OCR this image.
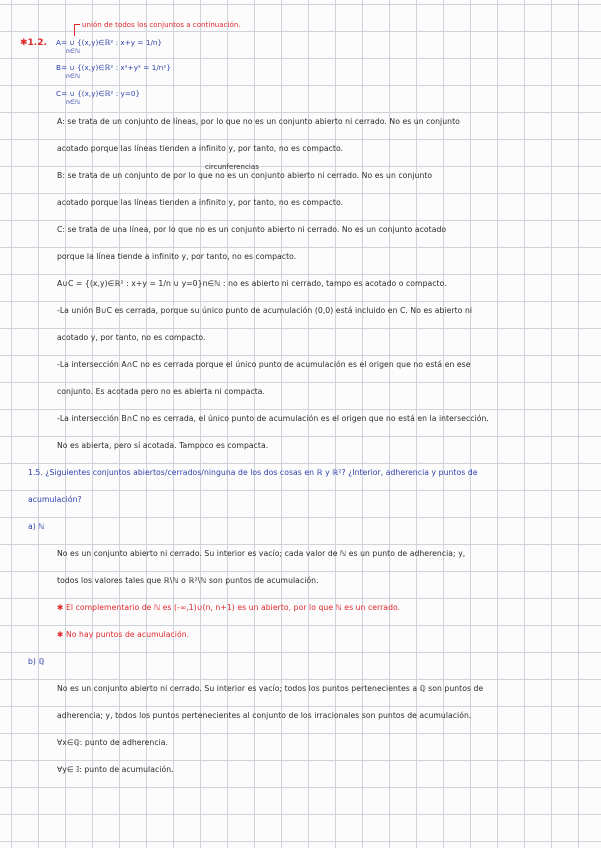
unión de todos los conjuntos a continuación.
✱1.2. A= ∪ {(x,y)∈ℝ² : x+y = 1/n}
n∈ℕ
B= ∪ {(x,y)∈ℝ² : x²+y² = 1/n²}
n∈ℕ
C= ∪ {(x,y)∈ℝ² : y=0}
n∈ℕ
A: se trata de un conjunto de líneas, por lo que no es un conjunto abierto ni cerrado. No es un conjunto
acotado porque las líneas tienden a infinito y, por tanto, no es compacto.
circunferencias
B: se trata de un conjunto de por lo que no es un conjunto abierto ni cerrado. No es un conjunto
acotado porque las líneas tienden a infinito y, por tanto, no es compacto.
C: se trata de una línea, por lo que no es un conjunto abierto ni cerrado. No es un conjunto acotado
porque la línea tiende a infinito y, por tanto, no es compacto.
A∪C = {(x,y)∈ℝ² : x+y = 1/n ∪ y=0}n∈ℕ : no es abierto ni cerrado, tampo es acotado o compacto.
-La unión B∪C es cerrada, porque su único punto de acumulación (0,0) está incluido en C. No es abierto ni
acotado y, por tanto, no es compacto.
-La intersección A∩C no es cerrada porque el único punto de acumulación es el origen que no está en ese
conjunto. Es acotada pero no es abierta ni compacta.
-La intersección B∩C no es cerrada, el único punto de acumulación es el origen que no está en la intersección.
No es abierta, pero sí acotada. Tampoco es compacta.
1.5. ¿Siguientes conjuntos abiertos/cerrados/ninguna de los dos cosas en ℝ y ℝ²? ¿Interior, adherencia y puntos de
acumulación?
a) ℕ
No es un conjunto abierto ni cerrado. Su interior es vacío; cada valor de ℕ es un punto de adherencia; y,
todos los valores tales que ℝ\ℕ o ℝ²\ℕ son puntos de acumulación.
✱ El complementario de ℕ es (-∞,1)∪(n, n+1) es un abierto, por lo que ℕ es un cerrado.
✱ No hay puntos de acumulación.
b) ℚ
No es un conjunto abierto ni cerrado. Su interior es vacío; todos los puntos pertenecientes a ℚ son puntos de
adherencia; y, todos los puntos pertenecientes al conjunto de los irracionales son puntos de acumulación.
∀x∈ℚ: punto de adherencia.
∀y∈ 𝕀: punto de acumulación.
